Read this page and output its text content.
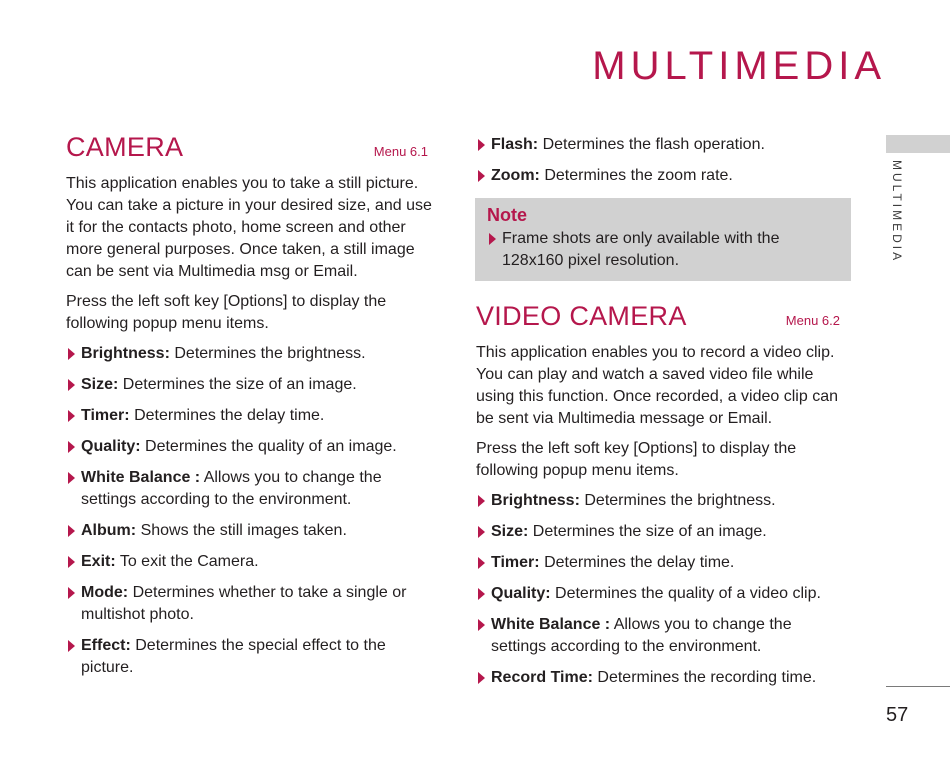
MULTIMEDIA
MULTIMEDIA
57
CAMERA	Menu 6.1

This application enables you to take a still picture. You can take a picture in your desired size, and use it for the contacts photo, home screen and other more general purposes. Once taken, a still image can be sent via Multimedia msg or Email.

Press the left soft key [Options] to display the following popup menu items.

Brightness: Determines the brightness.
Size: Determines the size of an image.
Timer: Determines the delay time.
Quality: Determines the quality of an image.
White Balance : Allows you to change the settings according to the environment.
Album: Shows the still images taken.
Exit: To exit the Camera.
Mode: Determines whether to take a single or multishot photo.
Effect: Determines the special effect to the picture.
Flash: Determines the flash operation.
Zoom: Determines the zoom rate.
Note
Frame shots are only available with the 128x160 pixel resolution.
VIDEO CAMERA	Menu 6.2

This application enables you to record a video clip. You can play and watch a saved video file while using this function. Once recorded, a video clip can be sent via Multimedia message or Email.

Press the left soft key [Options] to display the following popup menu items.

Brightness: Determines the brightness.
Size: Determines the size of an image.
Timer: Determines the delay time.
Quality: Determines the quality of a video clip.
White Balance : Allows you to change the settings according to the environment.
Record Time: Determines the recording time.
